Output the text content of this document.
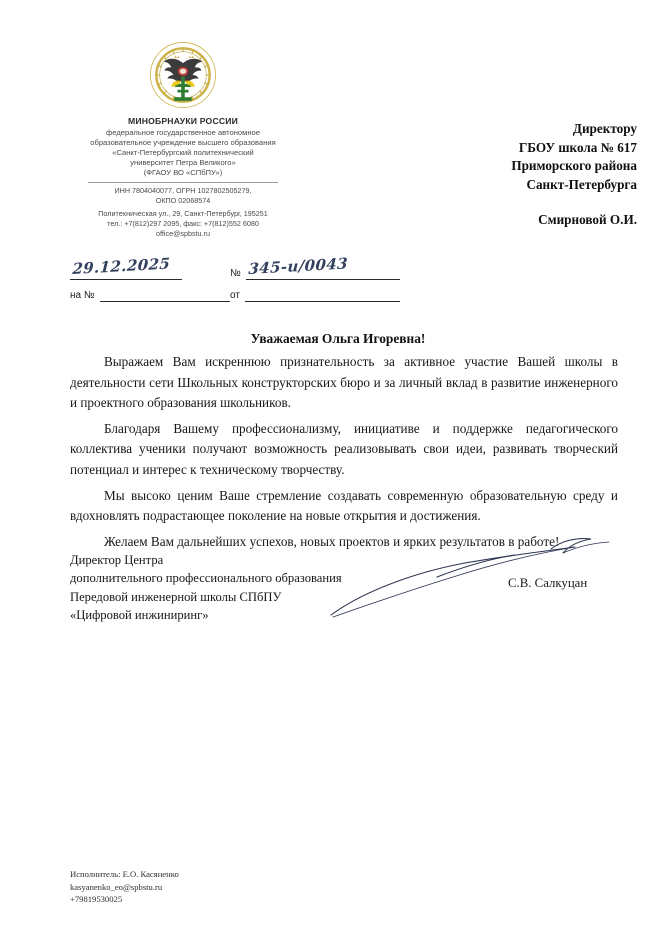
МИНОБРНАУКИ РОССИИ
федеральное государственное автономное
образовательное учреждение высшего образования
«Санкт-Петербургский политехнический
университет Петра Великого»
(ФГАОУ ВО «СПбПУ»)
ИНН 7804040077, ОГРН 1027802505279,
ОКПО 02068574
Политехническая ул., 29, Санкт-Петербург, 195251
тел.: +7(812)297 2095, факс: +7(812)552 6080
office@spbstu.ru
Директору
ГБОУ школа № 617
Приморского района
Санкт-Петербурга
Смирновой О.И.
29.12.2025	№ 345-и/0043
на №	от
Уважаемая Ольга Игоревна!

Выражаем Вам искреннюю признательность за активное участие Вашей школы в деятельности сети Школьных конструкторских бюро и за личный вклад в развитие инженерного и проектного образования школьников.

Благодаря Вашему профессионализму, инициативе и поддержке педагогического коллектива ученики получают возможность реализовывать свои идеи, развивать творческий потенциал и интерес к техническому творчеству.

Мы высоко ценим Ваше стремление создавать современную образовательную среду и вдохновлять подрастающее поколение на новые открытия и достижения.

Желаем Вам дальнейших успехов, новых проектов и ярких результатов в работе!

Директор Центра
дополнительного профессионального образования
Передовой инженерной школы СПбПУ
«Цифровой инжиниринг»
С.В. Салкуцан
Исполнитель: Е.О. Касяненко
kasyanenko_eo@spbstu.ru
+79819530025
